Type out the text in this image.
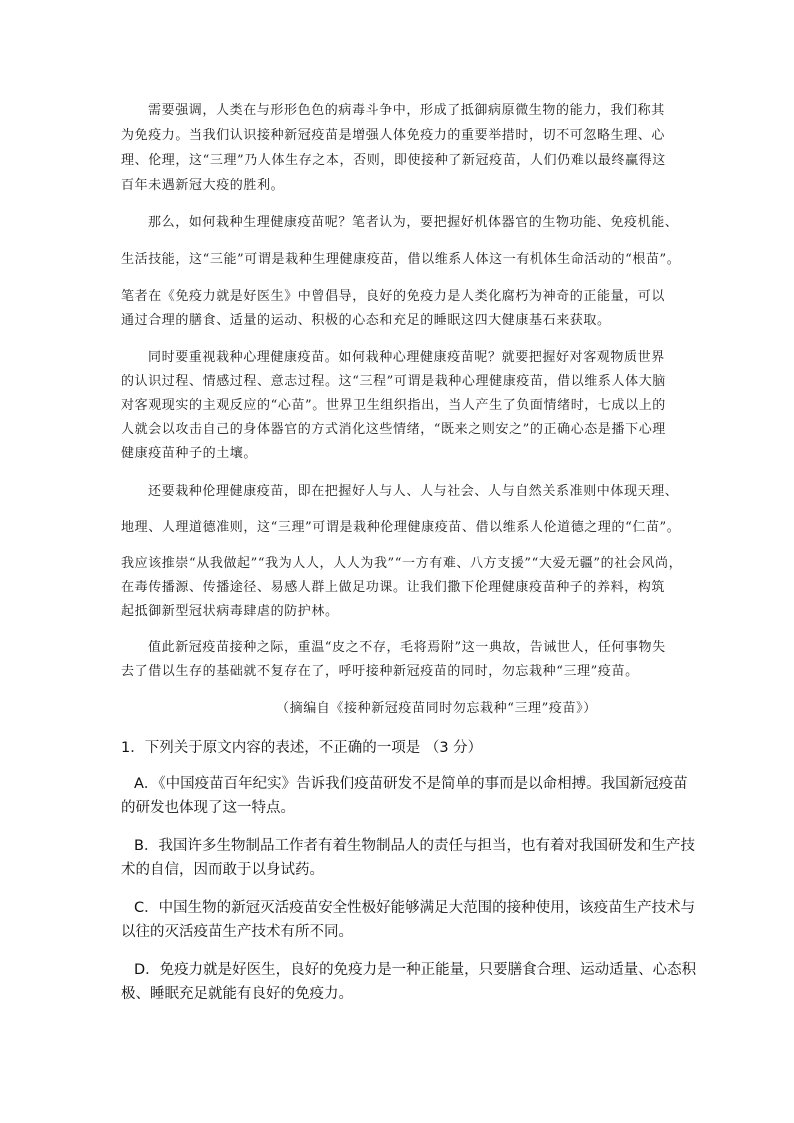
需要强调，人类在与形形色色的病毒斗争中，形成了抵御病原微生物的能力，我们称其
为免疫力。当我们认识接种新冠疫苗是增强人体免疫力的重要举措时，切不可忽略生理、心
理、伦理，这“三理”乃人体生存之本，否则，即使接种了新冠疫苗，人们仍难以最终赢得这
百年未遇新冠大疫的胜利。
那么，如何栽种生理健康疫苗呢？笔者认为，要把握好机体器官的生物功能、免疫机能、
生活技能，这“三能”可谓是栽种生理健康疫苗，借以维系人体这一有机体生命活动的“根苗”。
笔者在《免疫力就是好医生》中曾倡导，良好的免疫力是人类化腐朽为神奇的正能量，可以
通过合理的膳食、适量的运动、积极的心态和充足的睡眠这四大健康基石来获取。
同时要重视栽种心理健康疫苗。如何栽种心理健康疫苗呢？就要把握好对客观物质世界
的认识过程、情感过程、意志过程。这“三程”可谓是栽种心理健康疫苗，借以维系人体大脑
对客观现实的主观反应的“心苗”。世界卫生组织指出，当人产生了负面情绪时，七成以上的
人就会以攻击自己的身体器官的方式消化这些情绪，“既来之则安之”的正确心态是播下心理
健康疫苗种子的土壤。
还要栽种伦理健康疫苗，即在把握好人与人、人与社会、人与自然关系准则中体现天理、
地理、人理道德准则，这“三理”可谓是栽种伦理健康疫苗、借以维系人伦道德之理的“仁苗”。
我应该推崇“从我做起”“我为人人，人人为我”“一方有难、八方支援”“大爱无疆”的社会风尚，
在毒传播源、传播途径、易感人群上做足功课。让我们撒下伦理健康疫苗种子的养料，构筑
起抵御新型冠状病毒肆虐的防护林。
值此新冠疫苗接种之际，重温“皮之不存，毛将焉附”这一典故，告诫世人，任何事物失
去了借以生存的基础就不复存在了，呼吁接种新冠疫苗的同时，勿忘栽种“三理”疫苗。
（摘编自《接种新冠疫苗同时勿忘栽种“三理”疫苗》）
1．下列关于原文内容的表述，不正确的一项是 （3 分）
A．《中国疫苗百年纪实》告诉我们疫苗研发不是简单的事而是以命相搏。我国新冠疫苗
的研发也体现了这一特点。
B．我国许多生物制品工作者有着生物制品人的责任与担当，也有着对我国研发和生产技
术的自信，因而敢于以身试药。
C．中国生物的新冠灭活疫苗安全性极好能够满足大范围的接种使用，该疫苗生产技术与
以往的灭活疫苗生产技术有所不同。
D．免疫力就是好医生，良好的免疫力是一种正能量，只要膳食合理、运动适量、心态积
极、睡眠充足就能有良好的免疫力。
